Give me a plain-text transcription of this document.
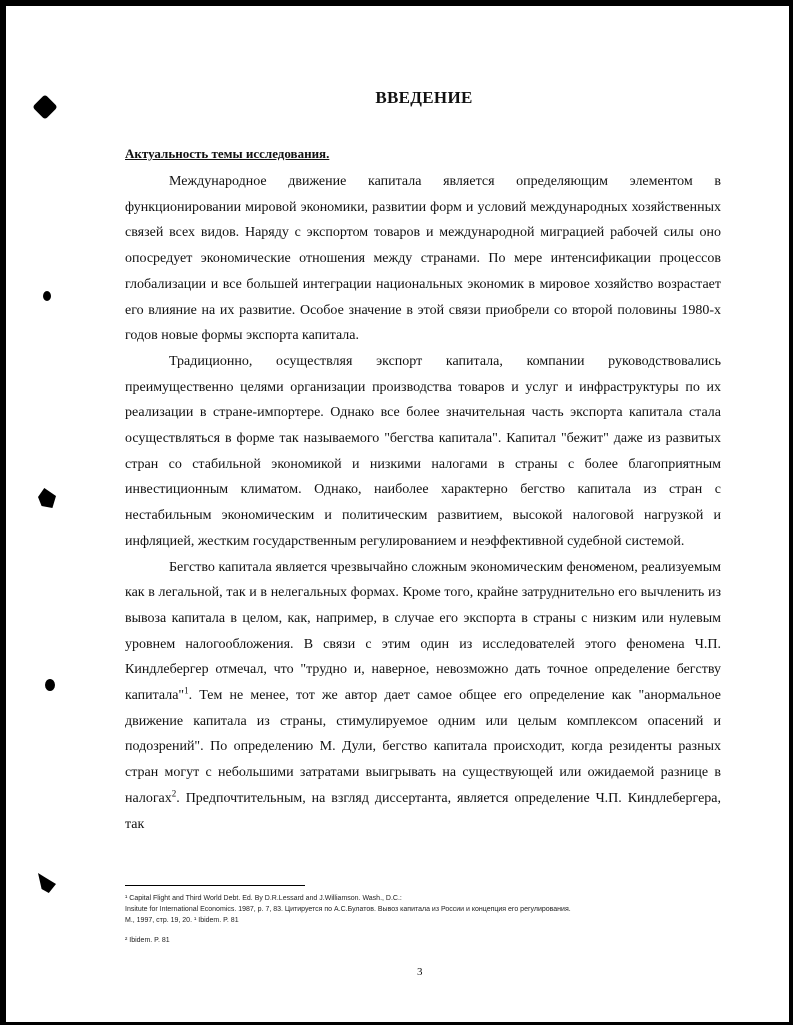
ВВЕДЕНИЕ
Актуальность темы исследования.

Международное движение капитала является определяющим элементом в функционировании мировой экономики, развитии форм и условий международных хозяйственных связей всех видов. Наряду с экспортом товаров и международной миграцией рабочей силы оно опосредует экономические отношения между странами. По мере интенсификации процессов глобализации и все большей интеграции национальных экономик в мировое хозяйство возрастает его влияние на их развитие. Особое значение в этой связи приобрели со второй половины 1980-х годов новые формы экспорта капитала.

Традиционно, осуществляя экспорт капитала, компании руководствовались преимущественно целями организации производства товаров и услуг и инфраструктуры по их реализации в стране-импортере. Однако все более значительная часть экспорта капитала стала осуществляться в форме так называемого "бегства капитала". Капитал "бежит" даже из развитых стран со стабильной экономикой и низкими налогами в страны с более благоприятным инвестиционным климатом. Однако, наиболее характерно бегство капитала из стран с нестабильным экономическим и политическим развитием, высокой налоговой нагрузкой и инфляцией, жестким государственным регулированием и неэффективной судебной системой.

Бегство капитала является чрезвычайно сложным экономическим феноменом, реализуемым как в легальной, так и в нелегальных формах. Кроме того, крайне затруднительно его вычленить из вывоза капитала в целом, как, например, в случае его экспорта в страны с низким или нулевым уровнем налогообложения. В связи с этим один из исследователей этого феномена Ч.П. Киндлебергер отмечал, что "трудно и, наверное, невозможно дать точное определение бегству капитала"$^1$. Тем не менее, тот же автор дает самое общее его определение как "анормальное движение капитала из страны, стимулируемое одним или целым комплексом опасений и подозрений". По определению М. Дули, бегство капитала происходит, когда резиденты разных стран могут с небольшими затратами выигрывать на существующей или ожидаемой разнице в налогах$^2$. Предпочтительным, на взгляд диссертанта, является определение Ч.П. Киндлебергера, так

¹ Capital Flight and Third World Debt. Ed. By D.R.Lessard and J.Williamson. Wash., D.C.:
Insitute for International Economics. 1987, p. 7, 83. Цитируется по А.С.Булатов. Вывоз капитала из России и концепция его регулирования.
М., 1997, стр. 19, 20. ¹ Ibidem. P. 81
² Ibidem. P. 81
3
